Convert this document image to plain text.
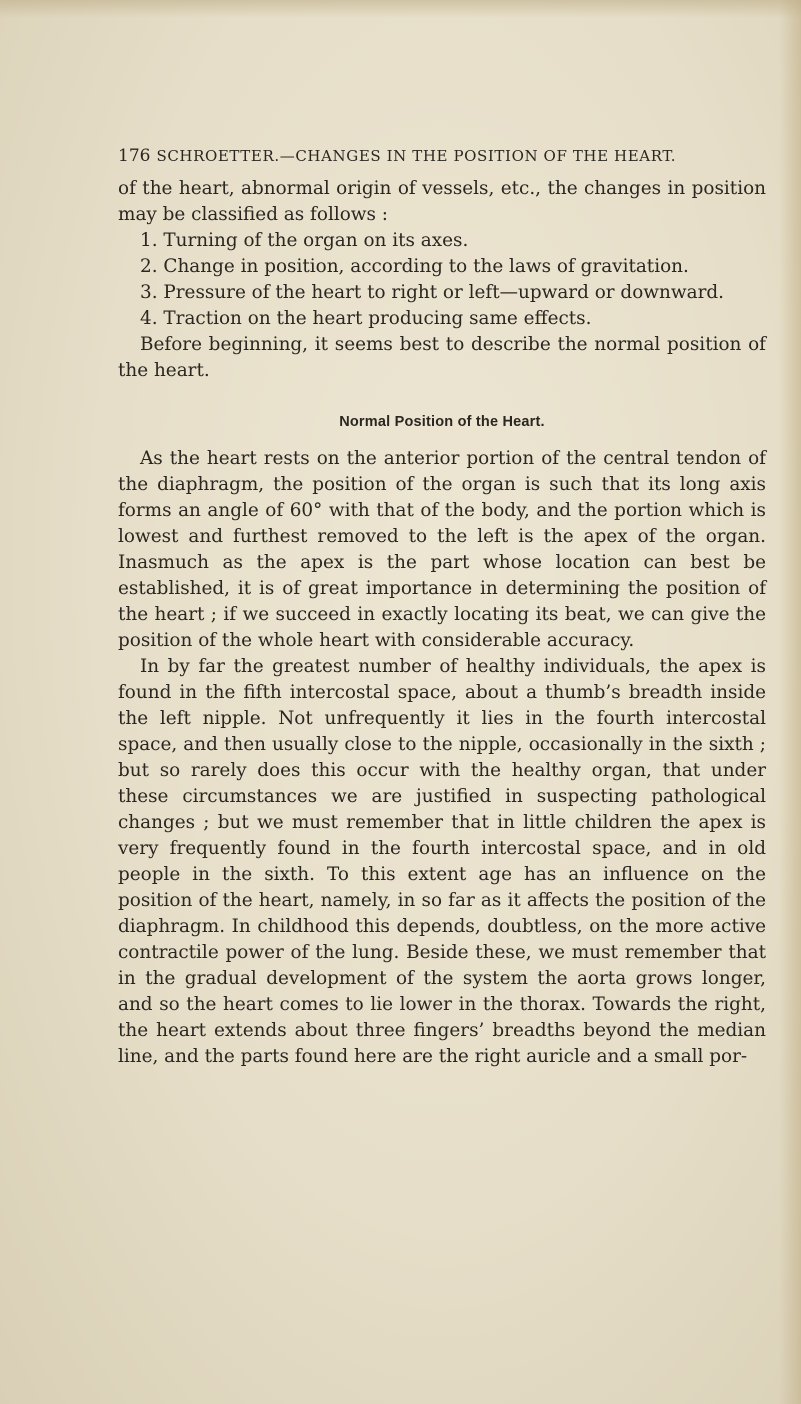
176 SCHROETTER.—CHANGES IN THE POSITION OF THE HEART.

of the heart, abnormal origin of vessels, etc., the changes in position may be classified as follows :

1. Turning of the organ on its axes.

2. Change in position, according to the laws of gravitation.

3. Pressure of the heart to right or left—upward or downward.

4. Traction on the heart producing same effects.

Before beginning, it seems best to describe the normal position of the heart.

Normal Position of the Heart.

As the heart rests on the anterior portion of the central tendon of the diaphragm, the position of the organ is such that its long axis forms an angle of 60° with that of the body, and the portion which is lowest and furthest removed to the left is the apex of the organ. Inasmuch as the apex is the part whose location can best be established, it is of great importance in determining the position of the heart ; if we succeed in exactly locating its beat, we can give the position of the whole heart with considerable accuracy.

In by far the greatest number of healthy individuals, the apex is found in the fifth intercostal space, about a thumb’s breadth inside the left nipple. Not unfrequently it lies in the fourth intercostal space, and then usually close to the nipple, occasionally in the sixth ; but so rarely does this occur with the healthy organ, that under these circumstances we are justified in suspecting pathological changes ; but we must remember that in little children the apex is very frequently found in the fourth intercostal space, and in old people in the sixth. To this extent age has an influence on the position of the heart, namely, in so far as it affects the position of the diaphragm. In childhood this depends, doubtless, on the more active contractile power of the lung. Beside these, we must remember that in the gradual development of the system the aorta grows longer, and so the heart comes to lie lower in the thorax. Towards the right, the heart extends about three fingers’ breadths beyond the median line, and the parts found here are the right auricle and a small por-
